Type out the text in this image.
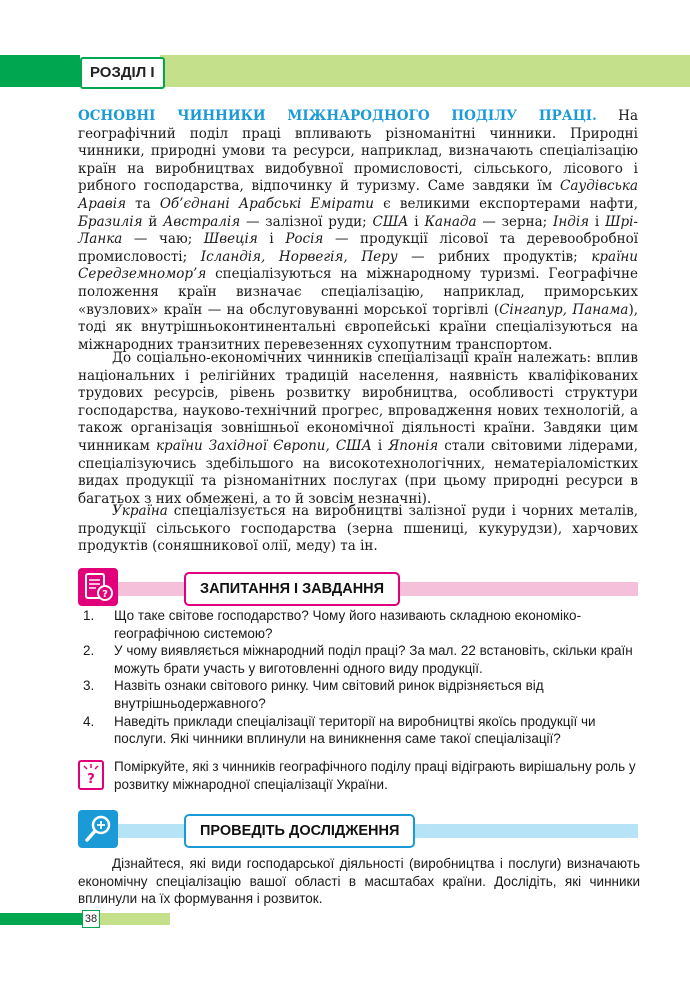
РОЗДІЛ І

ОСНОВНІ ЧИННИКИ МІЖНАРОДНОГО ПОДІЛУ ПРАЦІ. На географічний поділ праці впливають різноманітні чинники. Природні чинники, природні умови та ресурси, наприклад, визначають спеціалізацію країн на виробництвах видобувної промисловості, сільського, лісового і рибного господарства, відпочинку й туризму. Саме завдяки їм Саудівська Аравія та Об’єднані Арабські Емірати є великими експортерами нафти, Бразилія й Австралія — залізної руди; США і Канада — зерна; Індія і Шрі-Ланка — чаю; Швеція і Росія — продукції лісової та деревообробної промисловості; Ісландія, Норвегія, Перу — рибних продуктів; країни Середземномор’я спеціалізуються на міжнародному туризмі. Географічне положення країн визначає спеціалізацію, наприклад, приморських «вузлових» країн — на обслуговуванні морської торгівлі (Сінгапур, Панама), тоді як внутрішньоконтинентальні європейські країни спеціалізуються на міжнародних транзитних перевезеннях сухопутним транспортом.

До соціально-економічних чинників спеціалізації країн належать: вплив національних і релігійних традицій населення, наявність кваліфікованих трудових ресурсів, рівень розвитку виробництва, особливості структури господарства, науково-технічний прогрес, впровадження нових технологій, а також організація зовнішньої економічної діяльності країни. Завдяки цим чинникам країни Західної Європи, США і Японія стали світовими лідерами, спеціалізуючись здебільшого на високотехнологічних, нематеріаломістких видах продукції та різноманітних послугах (при цьому природні ресурси в багатьох з них обмежені, а то й зовсім незначні).

Україна спеціалізується на виробництві залізної руди і чорних металів, продукції сільського господарства (зерна пшениці, кукурудзи), харчових продуктів (соняшникової олії, меду) та ін.

?	ЗАПИТАННЯ І ЗАВДАННЯ
1. Що таке світове господарство? Чому його називають складною економіко-географічною системою?
2. У чому виявляється міжнародний поділ праці? За мал. 22 встановіть, скільки країн можуть брати участь у виготовленні одного виду продукції.
3. Назвіть ознаки світового ринку. Чим світовий ринок відрізняється від внутрішньодержавного?
4. Наведіть приклади спеціалізації території на виробництві якоїсь продукції чи послуги. Які чинники вплинули на виникнення саме такої спеціалізації?
?
Поміркуйте, які з чинників географічного поділу праці відіграють вирішальну роль у розвитку міжнародної спеціалізації України.
ПРОВЕДІТЬ ДОСЛІДЖЕННЯ

Дізнайтеся, які види господарської діяльності (виробництва і послуги) визначають економічну спеціалізацію вашої області в масштабах країни. Дослідіть, які чинники вплинули на їх формування і розвиток.

38
